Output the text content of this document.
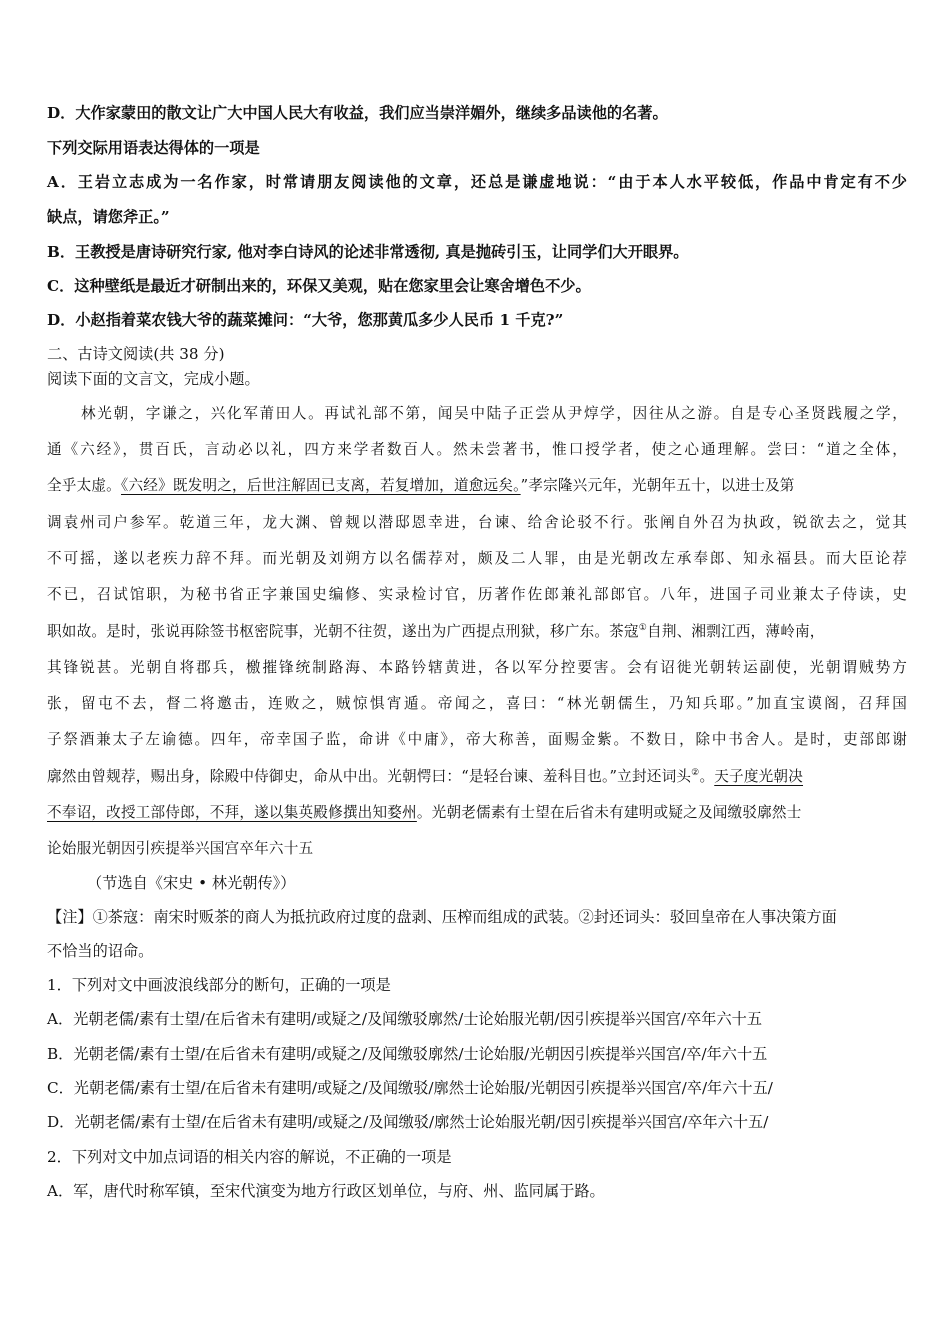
D．大作家蒙田的散文让广大中国人民大有收益，我们应当崇洋媚外，继续多品读他的名著。
下列交际用语表达得体的一项是
A．王岩立志成为一名作家，时常请朋友阅读他的文章，还总是谦虚地说：“由于本人水平较低，作品中肯定有不少
缺点，请您斧正。”
B．王教授是唐诗研究行家, 他对李白诗风的论述非常透彻, 真是抛砖引玉，让同学们大开眼界。
C．这种壁纸是最近才研制出来的，环保又美观，贴在您家里会让寒舍增色不少。
D．小赵指着菜农钱大爷的蔬菜摊问：“大爷，您那黄瓜多少人民币 1 千克?”
二、古诗文阅读(共 38 分)
阅读下面的文言文，完成小题。
林光朝，字谦之，兴化军莆田人。再试礼部不第，闻吴中陆子正尝从尹焞学，因往从之游。自是专心圣贤践履之学，
通《六经》，贯百氏，言动必以礼，四方来学者数百人。然未尝著书，惟口授学者，使之心通理解。尝曰：“道之全体，
全乎太虚。《六经》既发明之，后世注解固已支离，若复增加，道愈远矣。”孝宗隆兴元年，光朝年五十，以进士及第
调袁州司户参军。乾道三年，龙大渊、曾觌以潜邸恩幸进，台谏、给舍论驳不行。张阐自外召为执政，锐欲去之，觉其
不可摇，遂以老疾力辞不拜。而光朝及刘朔方以名儒荐对，颇及二人罪，由是光朝改左承奉郎、知永福县。而大臣论荐
不已，召试馆职，为秘书省正字兼国史编修、实录检讨官，历著作佐郎兼礼部郎官。八年，进国子司业兼太子侍读，史
职如故。是时，张说再除签书枢密院事，光朝不往贺，遂出为广西提点刑狱，移广东。茶寇①自荆、湘剽江西，薄岭南，
其锋锐甚。光朝自将郡兵，檄摧锋统制路海、本路钤辖黄进，各以军分控要害。会有诏徙光朝转运副使，光朝谓贼势方
张，留屯不去，督二将邀击，连败之，贼惊惧宵遁。帝闻之，喜曰：“林光朝儒生，乃知兵耶。”加直宝谟阁，召拜国
子祭酒兼太子左谕德。四年，帝幸国子监，命讲《中庸》，帝大称善，面赐金紫。不数日，除中书舍人。是时，吏部郎谢
廓然由曾觌荐，赐出身，除殿中侍御史，命从中出。光朝愕曰：“是轻台谏、羞科目也。”立封还词头②。天子度光朝决
不奉诏，改授工部侍郎，不拜，遂以集英殿修撰出知婺州。光朝老儒素有士望在后省未有建明或疑之及闻缴驳廓然士
论始服光朝因引疾提举兴国宫卒年六十五
（节选自《宋史 • 林光朝传》）
【注】①茶寇：南宋时贩茶的商人为抵抗政府过度的盘剥、压榨而组成的武装。②封还词头：驳回皇帝在人事决策方面
不恰当的诏命。
1．下列对文中画波浪线部分的断句，正确的一项是
A．光朝老儒/素有士望/在后省未有建明/或疑之/及闻缴驳廓然/士论始服光朝/因引疾提举兴国宫/卒年六十五
B．光朝老儒/素有士望/在后省未有建明/或疑之/及闻缴驳廓然/士论始服/光朝因引疾提举兴国宫/卒/年六十五
C．光朝老儒/素有士望/在后省未有建明/或疑之/及闻缴驳/廓然士论始服/光朝因引疾提举兴国宫/卒/年六十五/
D．光朝老儒/素有士望/在后省未有建明/或疑之/及闻缴驳/廓然士论始服光朝/因引疾提举兴国宫/卒年六十五/
2．下列对文中加点词语的相关内容的解说，不正确的一项是
A．军，唐代时称军镇，至宋代演变为地方行政区划单位，与府、州、监同属于路。
